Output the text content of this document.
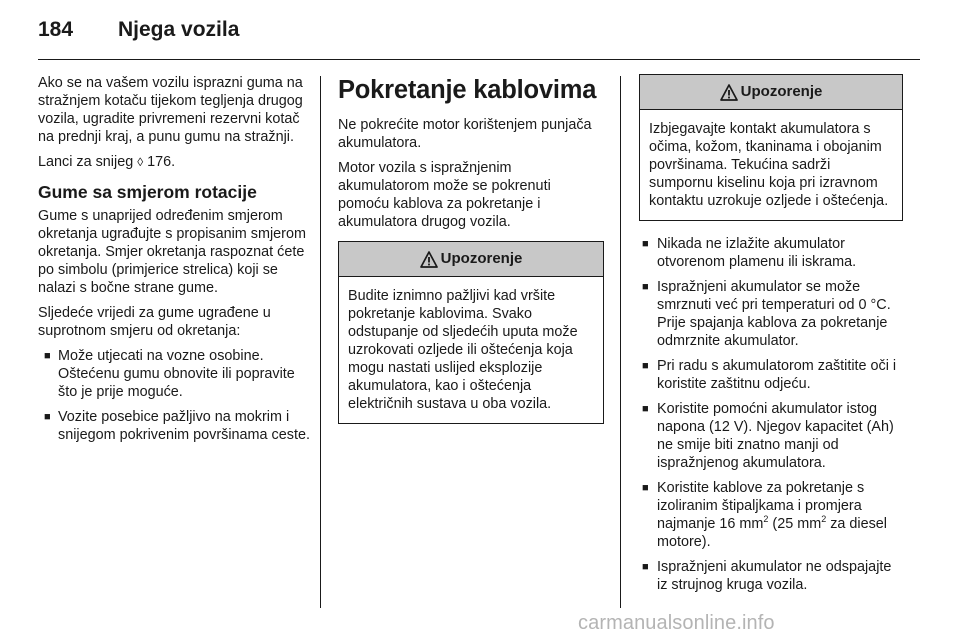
184 Njega vozila

Ako se na vašem vozilu isprazni guma na stražnjem kotaču tijekom tegljenja drugog vozila, ugradite privremeni rezervni kotač na prednji kraj, a punu gumu na stražnji.

Lanci za snijeg ◊ 176.

Gume sa smjerom rotacije

Gume s unaprijed određenim smjerom okretanja ugrađujte s propisanim smjerom okretanja. Smjer okretanja raspoznat ćete po simbolu (primjerice strelica) koji se nalazi s bočne strane gume.

Sljedeće vrijedi za gume ugrađene u suprotnom smjeru od okretanja:

■ Može utjecati na vozne osobine. Oštećenu gumu obnovite ili popravite što je prije moguće.
■ Vozite posebice pažljivo na mokrim i snijegom pokrivenim površinama ceste.
Pokretanje kablovima

Ne pokrećite motor korištenjem punjača akumulatora.

Motor vozila s ispražnjenim akumulatorom može se pokrenuti pomoću kablova za pokretanje i akumulatora drugog vozila.

Upozorenje
Budite iznimno pažljivi kad vršite pokretanje kablovima. Svako odstupanje od sljedećih uputa može uzrokovati ozljede ili oštećenja koja mogu nastati uslijed eksplozije akumulatora, kao i oštećenja električnih sustava u oba vozila.
Upozorenje
Izbjegavajte kontakt akumulatora s očima, kožom, tkaninama i obojanim površinama. Tekućina sadrži sumpornu kiselinu koja pri izravnom kontaktu uzrokuje ozljede i oštećenja.
■ Nikada ne izlažite akumulator otvorenom plamenu ili iskrama.
■ Ispražnjeni akumulator se može smrznuti već pri temperaturi od 0 °C. Prije spajanja kablova za pokretanje odmrznite akumulator.
■ Pri radu s akumulatorom zaštitite oči i koristite zaštitnu odjeću.
■ Koristite pomoćni akumulator istog napona (12 V). Njegov kapacitet (Ah) ne smije biti znatno manji od ispražnjenog akumulatora.
■ Koristite kablove za pokretanje s izoliranim štipaljkama i promjera najmanje 16 $mm^2$ (25 $mm^2$ za diesel motore).
■ Ispražnjeni akumulator ne odspajajte iz strujnog kruga vozila.
carmanualsonline.info
